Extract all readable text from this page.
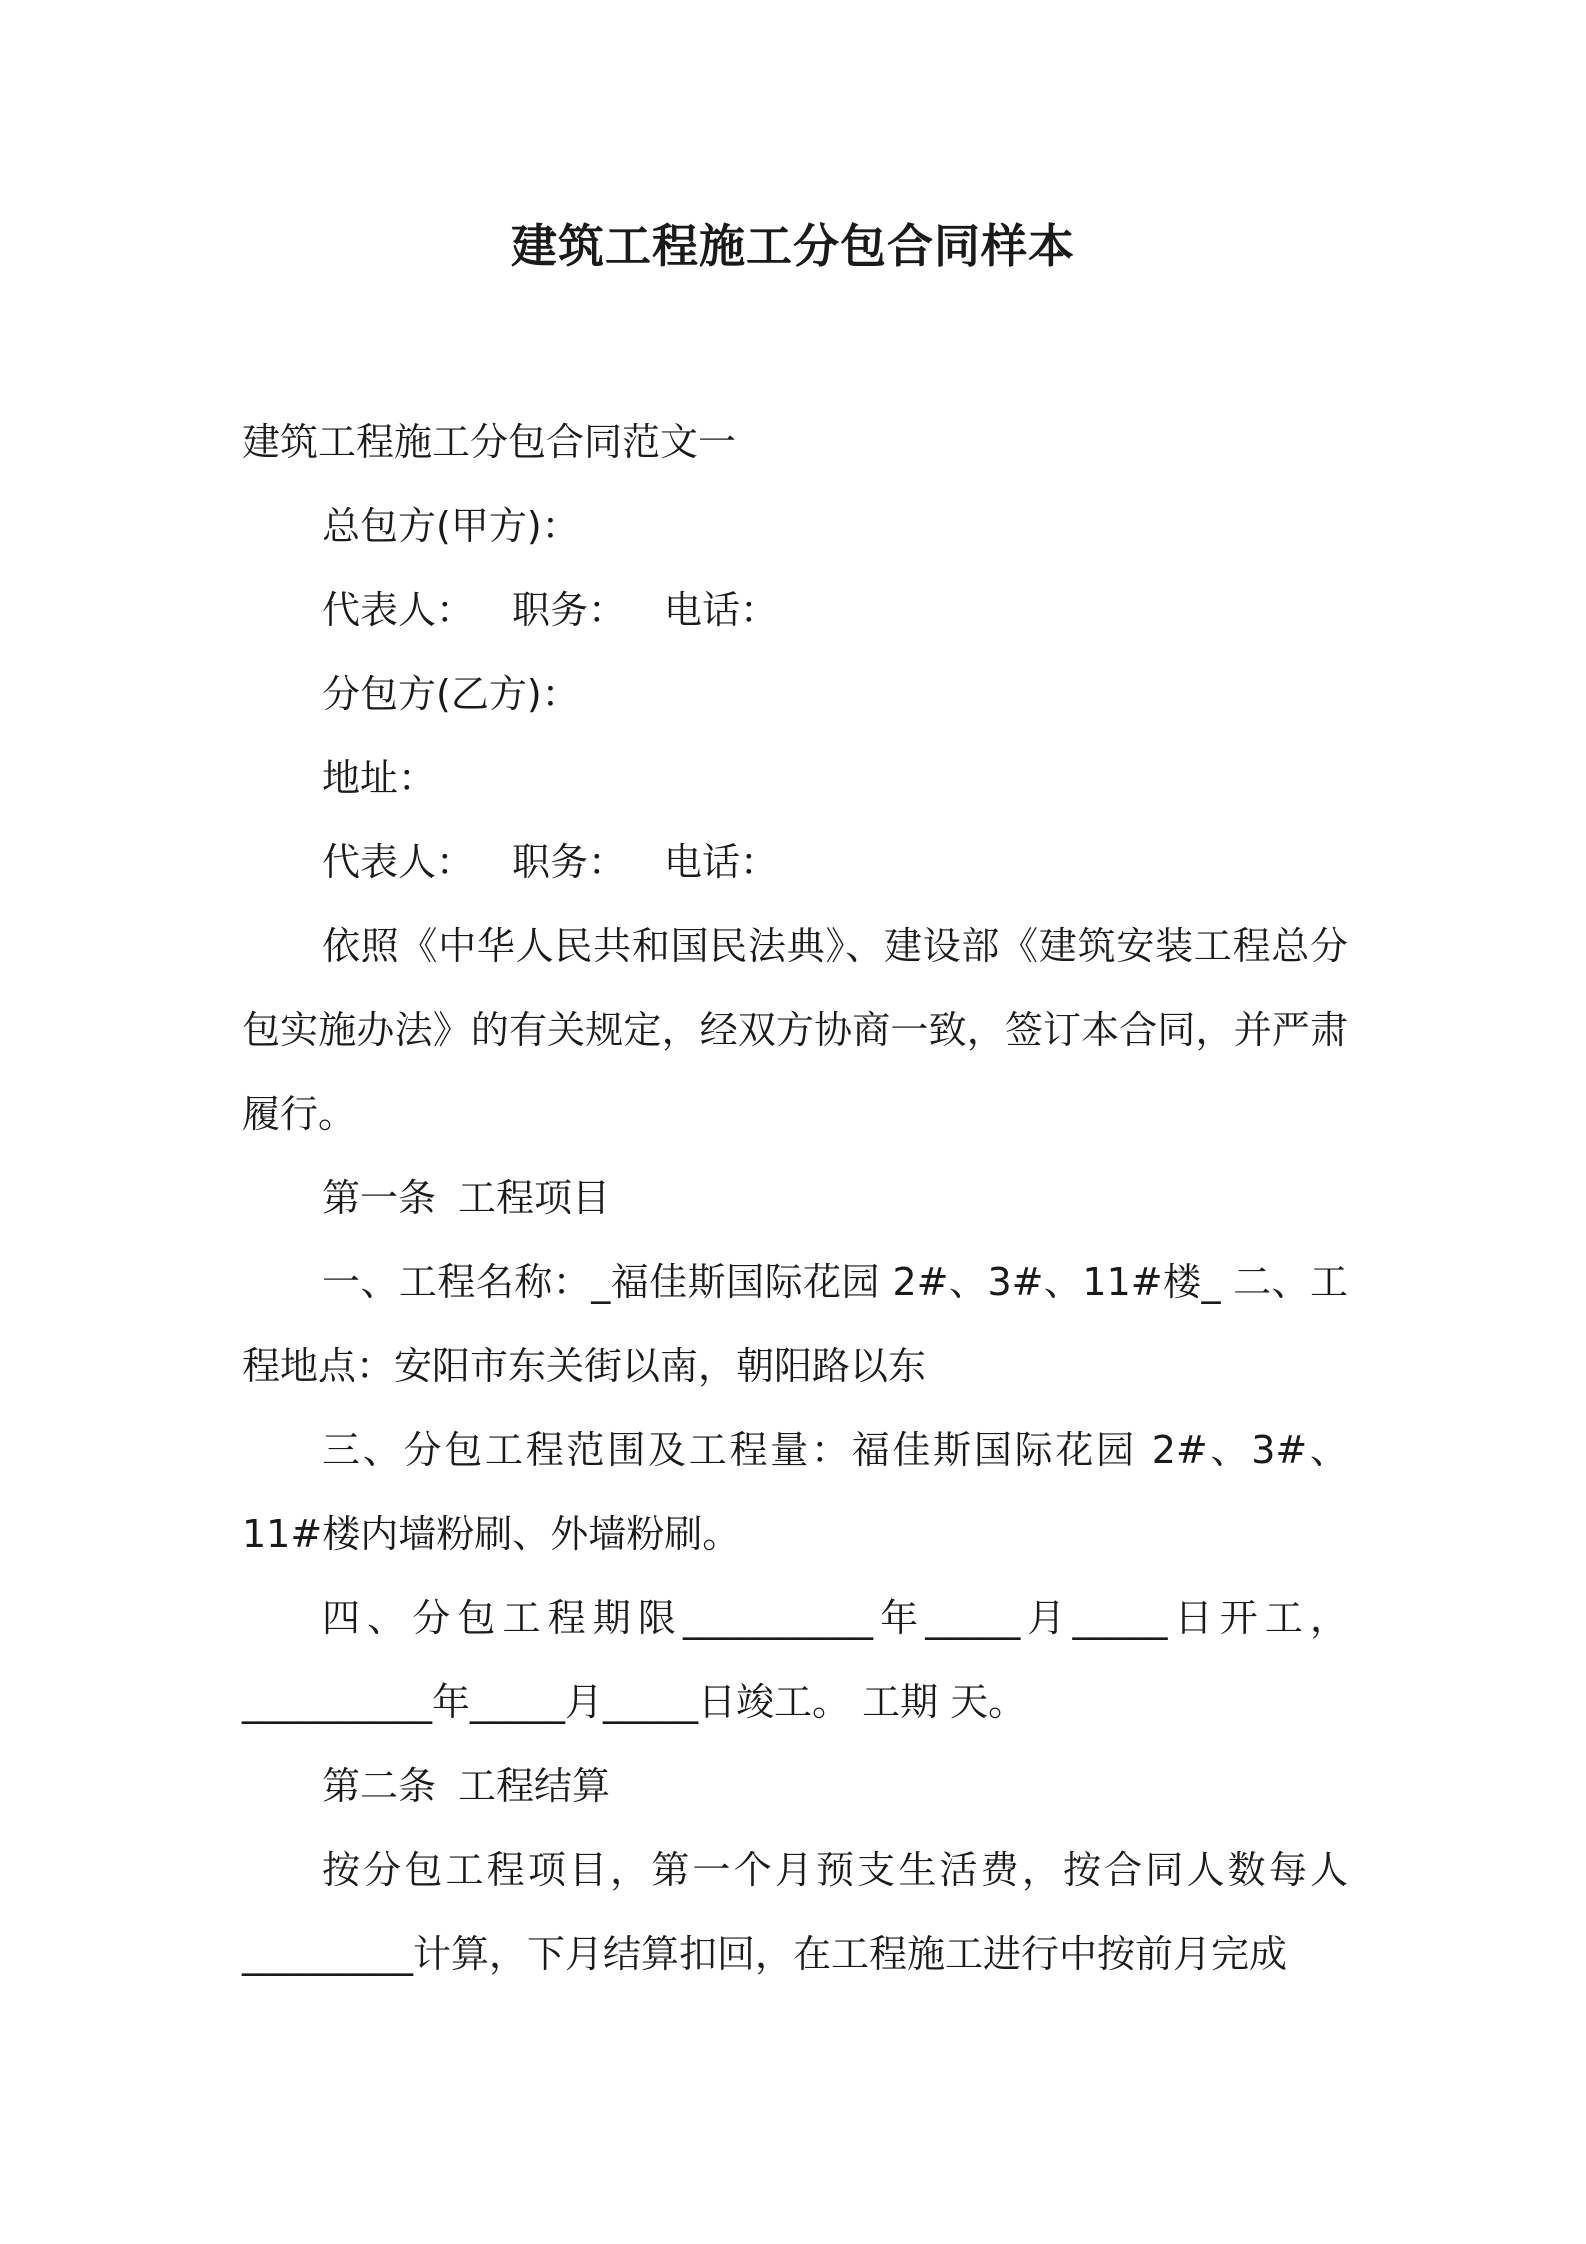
建筑工程施工分包合同样本

建筑工程施工分包合同范文一

总包方(甲方)：

代表人： 职务： 电话：

分包方(乙方)：

地址：

代表人： 职务： 电话：

依照《中华人民共和国民法典》、建设部《建筑安装工程总分包实施办法》的有关规定，经双方协商一致，签订本合同，并严肃履行。

第一条 工程项目

一、工程名称：_福佳斯国际花园 2#、3#、11#楼_ 二、工程地点：安阳市东关街以南，朝阳路以东

三、分包工程范围及工程量：福佳斯国际花园 2#、3#、11#楼内墙粉刷、外墙粉刷。

四、分包工程期限__________年_____月_____日开工，__________年_____月_____日竣工。 工期 天。

第二条 工程结算

按分包工程项目，第一个月预支生活费，按合同人数每人_________计算，下月结算扣回，在工程施工进行中按前月完成
